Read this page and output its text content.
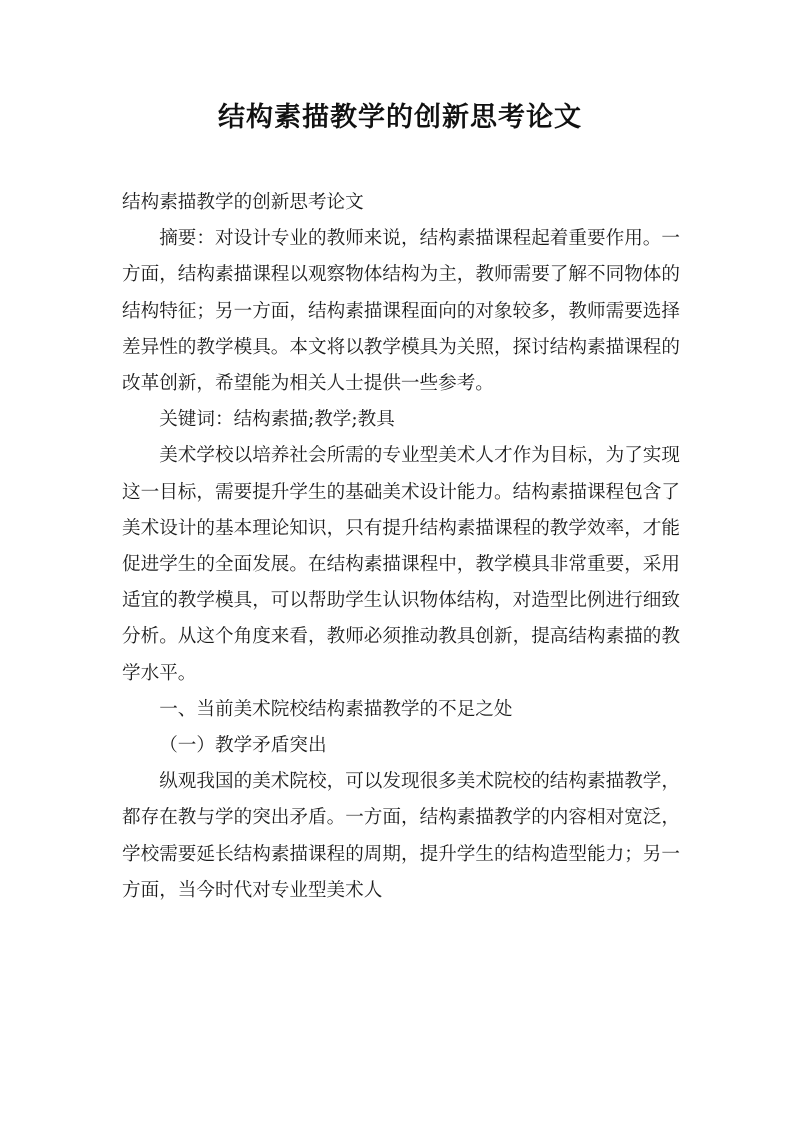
结构素描教学的创新思考论文

结构素描教学的创新思考论文

摘要：对设计专业的教师来说，结构素描课程起着重要作用。一方面，结构素描课程以观察物体结构为主，教师需要了解不同物体的结构特征；另一方面，结构素描课程面向的对象较多，教师需要选择差异性的教学模具。本文将以教学模具为关照，探讨结构素描课程的改革创新，希望能为相关人士提供一些参考。

关键词：结构素描;教学;教具

美术学校以培养社会所需的专业型美术人才作为目标，为了实现这一目标，需要提升学生的基础美术设计能力。结构素描课程包含了美术设计的基本理论知识，只有提升结构素描课程的教学效率，才能促进学生的全面发展。在结构素描课程中，教学模具非常重要，采用适宜的教学模具，可以帮助学生认识物体结构，对造型比例进行细致分析。从这个角度来看，教师必须推动教具创新，提高结构素描的教学水平。

一、当前美术院校结构素描教学的不足之处

（一）教学矛盾突出

纵观我国的美术院校，可以发现很多美术院校的结构素描教学，都存在教与学的突出矛盾。一方面，结构素描教学的内容相对宽泛，学校需要延长结构素描课程的周期，提升学生的结构造型能力；另一方面，当今时代对专业型美术人
